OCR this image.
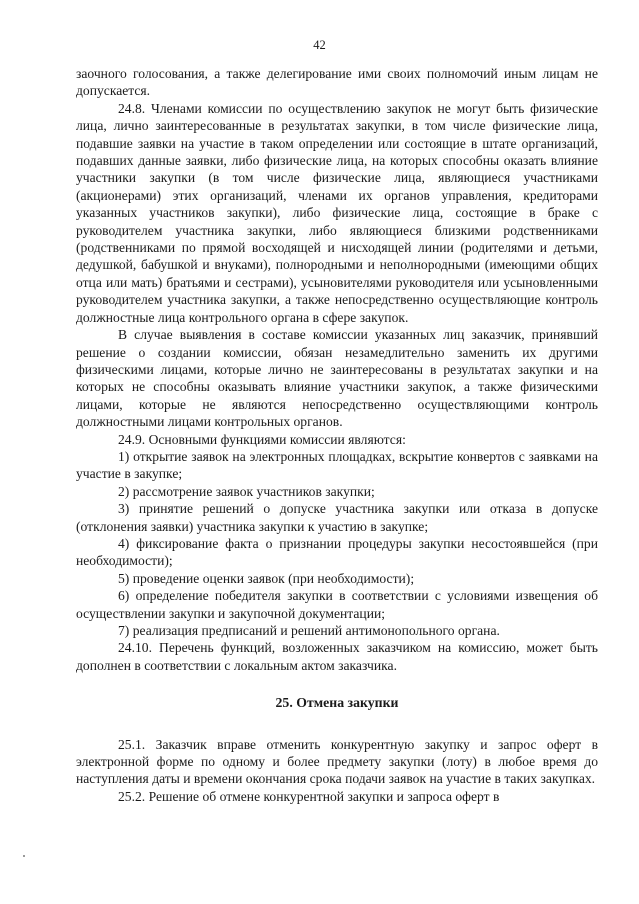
42

заочного голосования, а также делегирование ими своих полномочий иным лицам не допускается.

24.8. Членами комиссии по осуществлению закупок не могут быть физические лица, лично заинтересованные в результатах закупки, в том числе физические лица, подавшие заявки на участие в таком определении или состоящие в штате организаций, подавших данные заявки, либо физические лица, на которых способны оказать влияние участники закупки (в том числе физические лица, являющиеся участниками (акционерами) этих организаций, членами их органов управления, кредиторами указанных участников закупки), либо физические лица, состоящие в браке с руководителем участника закупки, либо являющиеся близкими родственниками (родственниками по прямой восходящей и нисходящей линии (родителями и детьми, дедушкой, бабушкой и внуками), полнородными и неполнородными (имеющими общих отца или мать) братьями и сестрами), усыновителями руководителя или усыновленными руководителем участника закупки, а также непосредственно осуществляющие контроль должностные лица контрольного органа в сфере закупок.

В случае выявления в составе комиссии указанных лиц заказчик, принявший решение о создании комиссии, обязан незамедлительно заменить их другими физическими лицами, которые лично не заинтересованы в результатах закупки и на которых не способны оказывать влияние участники закупок, а также физическими лицами, которые не являются непосредственно осуществляющими контроль должностными лицами контрольных органов.

24.9. Основными функциями комиссии являются:

1) открытие заявок на электронных площадках, вскрытие конвертов с заявками на участие в закупке;

2) рассмотрение заявок участников закупки;

3) принятие решений о допуске участника закупки или отказа в допуске (отклонения заявки) участника закупки к участию в закупке;

4) фиксирование факта о признании процедуры закупки несостоявшейся (при необходимости);

5) проведение оценки заявок (при необходимости);

6) определение победителя закупки в соответствии с условиями извещения об осуществлении закупки и закупочной документации;

7) реализация предписаний и решений антимонопольного органа.

24.10. Перечень функций, возложенных заказчиком на комиссию, может быть дополнен в соответствии с локальным актом заказчика.

25. Отмена закупки

25.1. Заказчик вправе отменить конкурентную закупку и запрос оферт в электронной форме по одному и более предмету закупки (лоту) в любое время до наступления даты и времени окончания срока подачи заявок на участие в таких закупках.

25.2. Решение об отмене конкурентной закупки и запроса оферт в
